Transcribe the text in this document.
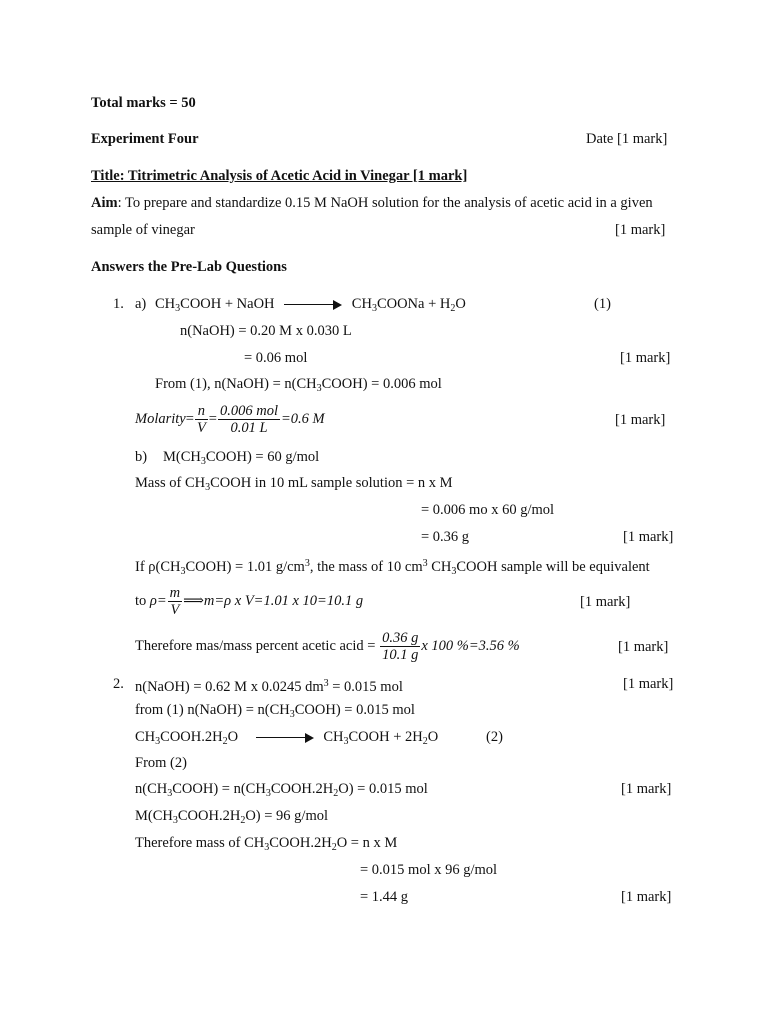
Total marks = 50
Experiment Four	Date [1 mark]
Title: Titrimetric Analysis of Acetic Acid in Vinegar [1 mark]
Aim: To prepare and standardize 0.15 M NaOH solution for the analysis of acetic acid in a given
sample of vinegar	[1 mark]
Answers the Pre-Lab Questions
1. a) $CH_3COOH$ + NaOH	$CH_3COONa + H_2O$	(1)
n(NaOH) = 0.20 M x 0.030 L
= 0.06 mol	[1 mark]
From (1), n(NaOH) = $n(CH_3COOH) = 0.006$ mol
Molarity= $\frac{n}{V} = \frac{\text{0.006 mol}}{0.01 L} =0.6$ M	[1 mark]
b) $M(CH_3COOH) = 60$ g/mol
Mass of $CH_3COOH$ in 10 mL sample solution = n x M
= 0.006 mo x 60 g/mol
= 0.36 g	[1 mark]
If $\rho(CH_3COOH) = 1.01$ $g/cm^3$, the mass of 10 $cm^3$ $CH_3COOH$ sample will be equivalent
to $\rho= \frac{m}{V}$ ⟹m=ρ x V=1.01 x 10=10.1 g	[1 mark]
Therefore mas/mass percent acetic acid = $\frac{0.36 g}{10.1 g}$ x 100 %=3.56 %	[1 mark]
2. n(NaOH) = 0.62 M x 0.0245 $dm^3 = 0.015$ mol	[1 mark]
from (1) n(NaOH) = $n(CH_3COOH) = 0.015$ mol
$CH_3COOH.2H_2O$	$CH_3COOH + 2H_2O$	(2)
From (2)
$n(CH_3COOH)$ = $n(CH_3COOH.2H_2O) = 0.015$ mol	[1 mark]
$M(CH_3COOH.2H_2O) = 96$ g/mol
Therefore mass of $CH_3COOH.2H_2O = n$ x M
= 0.015 mol x 96 g/mol
= 1.44 g	[1 mark]
